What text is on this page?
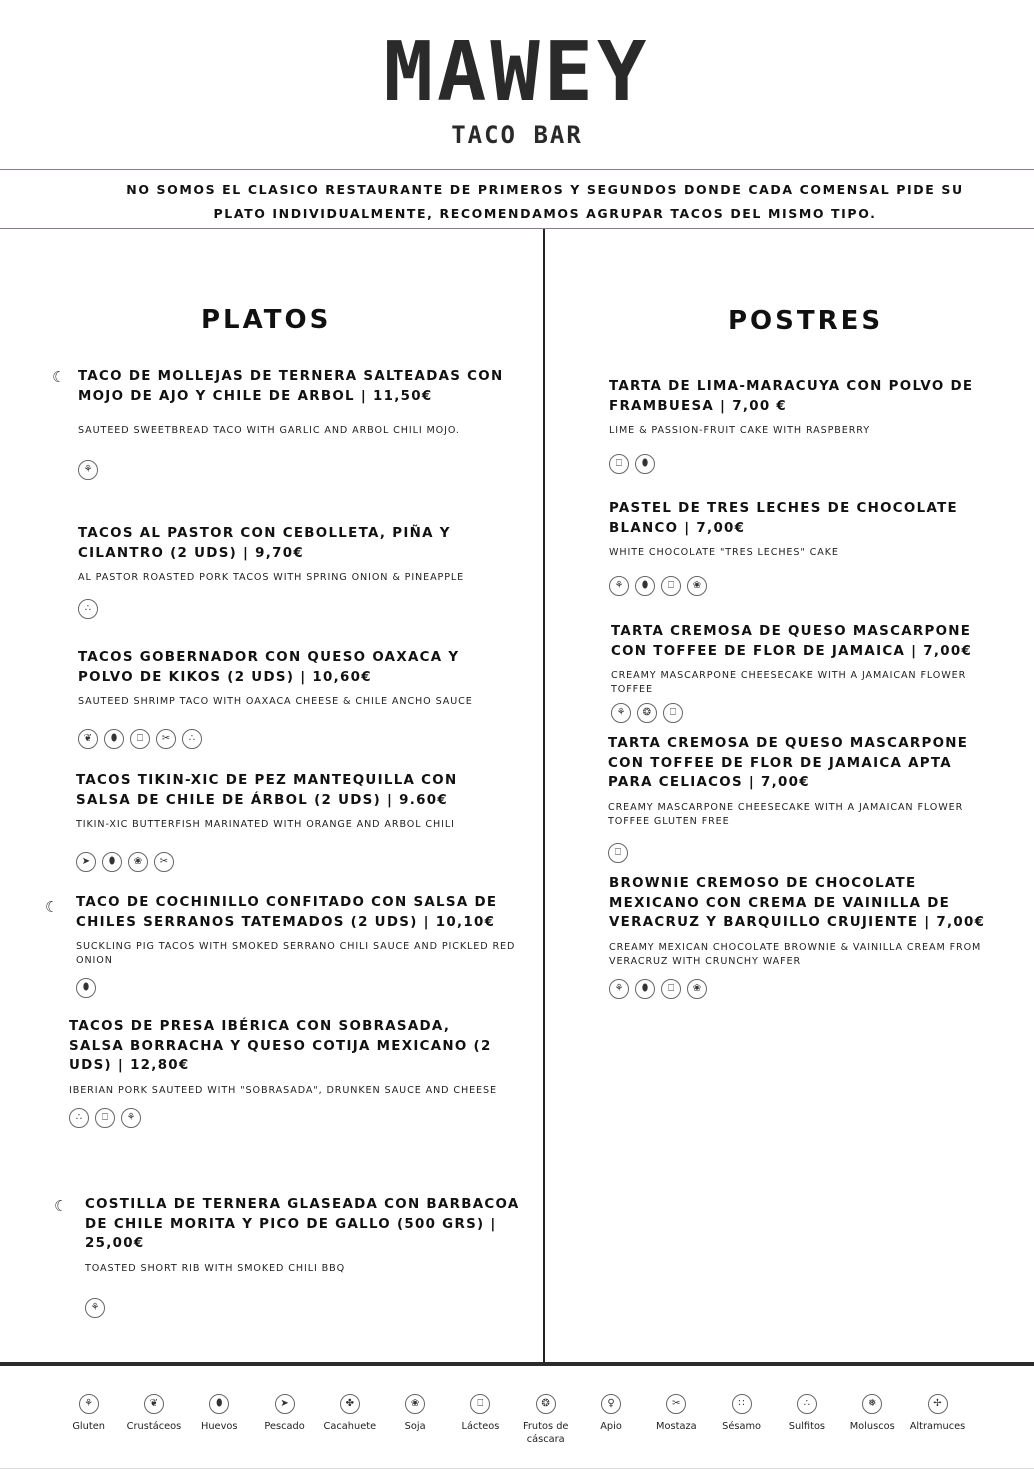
MAWEY
TACO BAR
NO SOMOS EL CLASICO RESTAURANTE DE PRIMEROS Y SEGUNDOS DONDE CADA COMENSAL PIDE SU PLATO INDIVIDUALMENTE, RECOMENDAMOS AGRUPAR TACOS DEL MISMO TIPO.
PLATOS
☾ TACO DE MOLLEJAS DE TERNERA SALTEADAS CON MOJO DE AJO Y CHILE DE ARBOL | 11,50€
SAUTEED SWEETBREAD TACO WITH GARLIC AND ARBOL CHILI MOJO.
⚘
TACOS AL PASTOR CON CEBOLLETA, PIÑA Y CILANTRO (2 UDS) | 9,70€
AL PASTOR ROASTED PORK TACOS WITH SPRING ONION & PINEAPPLE
∴
TACOS GOBERNADOR CON QUESO OAXACA Y POLVO DE KIKOS (2 UDS) | 10,60€
SAUTEED SHRIMP TACO WITH OAXACA CHEESE & CHILE ANCHO SAUCE
❦	⬮	⎕	✂	∴
TACOS TIKIN-XIC DE PEZ MANTEQUILLA CON SALSA DE CHILE DE ÁRBOL (2 UDS) | 9.60€
TIKIN-XIC BUTTERFISH MARINATED WITH ORANGE AND ARBOL CHILI
➤	⬮	❀	✂
☾ TACO DE COCHINILLO CONFITADO CON SALSA DE CHILES SERRANOS TATEMADOS (2 UDS) | 10,10€
SUCKLING PIG TACOS WITH SMOKED SERRANO CHILI SAUCE AND PICKLED RED ONION
⬮
TACOS DE PRESA IBÉRICA CON SOBRASADA, SALSA BORRACHA Y QUESO COTIJA MEXICANO (2 UDS) | 12,80€
IBERIAN PORK SAUTEED WITH "SOBRASADA", DRUNKEN SAUCE AND CHEESE
∴	⎕	⚘
☾ COSTILLA DE TERNERA GLASEADA CON BARBACOA DE CHILE MORITA Y PICO DE GALLO (500 GRS) | 25,00€
TOASTED SHORT RIB WITH SMOKED CHILI BBQ
⚘
POSTRES
TARTA DE LIMA-MARACUYA CON POLVO DE FRAMBUESA | 7,00 €
LIME & PASSION-FRUIT CAKE WITH RASPBERRY
⎕	⬮
PASTEL DE TRES LECHES DE CHOCOLATE BLANCO | 7,00€
WHITE CHOCOLATE "TRES LECHES" CAKE
⚘	⬮	⎕	❀
TARTA CREMOSA DE QUESO MASCARPONE CON TOFFEE DE FLOR DE JAMAICA | 7,00€
CREAMY MASCARPONE CHEESECAKE WITH A JAMAICAN FLOWER TOFFEE
⚘	❂	⎕
TARTA CREMOSA DE QUESO MASCARPONE CON TOFFEE DE FLOR DE JAMAICA APTA PARA CELIACOS | 7,00€
CREAMY MASCARPONE CHEESECAKE WITH A JAMAICAN FLOWER TOFFEE GLUTEN FREE
⎕
BROWNIE CREMOSO DE CHOCOLATE MEXICANO CON CREMA DE VAINILLA DE VERACRUZ Y BARQUILLO CRUJIENTE | 7,00€
CREAMY MEXICAN CHOCOLATE BROWNIE & VAINILLA CREAM FROM VERACRUZ WITH CRUNCHY WAFER
⚘	⬮	⎕	❀
⚘
Gluten
❦
Crustáceos
⬮
Huevos
➤
Pescado
✤
Cacahuete
❀
Soja
⎕
Lácteos
❂
Frutos de cáscara
♀
Apio
✂
Mostaza
∷
Sésamo
∴
Sulfitos
❅
Moluscos
✢
Altramuces
